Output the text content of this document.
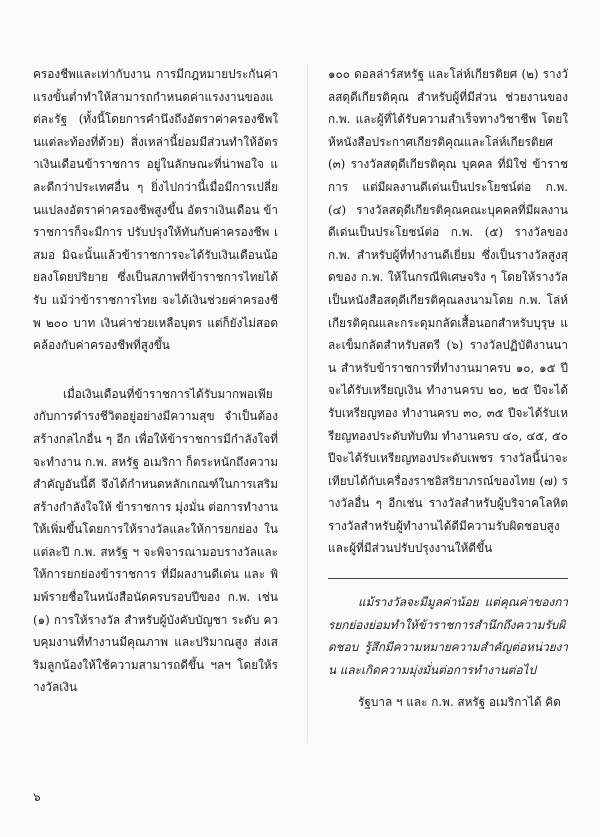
ครองชีพและเท่ากับงาน การมีกฎหมายประกันค่าแรงขั้นต่ำทำให้สามารถกำหนดค่าแรงงานของแต่ละรัฐ (ทั้งนี้โดยการคำนึงถึงอัตราค่าครองชีพในแต่ละท้องที่ด้วย) สิ่งเหล่านี้ย่อมมีส่วนทำให้อัตราเงินเดือนข้าราชการ อยู่ในลักษณะที่น่าพอใจ และดีกว่าประเทศอื่น ๆ ยิ่งไปกว่านี้เมื่อมีการเปลี่ยนแปลงอัตราค่าครองชีพสูงขึ้น อัตราเงินเดือน ข้าราชการก็จะมีการ ปรับปรุงให้ทันกับค่าครองชีพ เสมอ มิฉะนั้นแล้วข้าราชการจะได้รับเงินเดือนน้อยลงโดยปริยาย ซึ่งเป็นสภาพที่ข้าราชการไทยได้รับ แม้ว่าข้าราชการไทย จะได้เงินช่วยค่าครองชีพ ๒๐๐ บาท เงินค่าช่วยเหลือบุตร แต่ก็ยังไม่สอดคล้องกับค่าครองชีพที่สูงขึ้น

เมื่อเงินเดือนที่ข้าราชการได้รับมากพอเพียงกับการดำรงชีวิตอยู่อย่างมีความสุข จำเป็นต้องสร้างกลไกอื่น ๆ อีก เพื่อให้ข้าราชการมีกำลังใจที่จะทำงาน ก.พ. สหรัฐ อเมริกา ก็ตระหนักถึงความสำคัญอันนี้ดี จึงได้กำหนดหลักเกณฑ์ในการเสริมสร้างกำลังใจให้ ข้าราชการ มุ่งมั่น ต่อการทำงานให้เพิ่มขึ้นโดยการให้รางวัลและให้การยกย่อง ในแต่ละปี ก.พ. สหรัฐ ฯ จะพิจารณามอบรางวัลและให้การยกย่องข้าราชการ ที่มีผลงานดีเด่น และ พิมพ์รายชื่อในหนังสือนัดครบรอบปีของ ก.พ. เช่น (๑) การให้รางวัล สำหรับผู้บังคับบัญชา ระดับ ควบคุมงานที่ทำงานมีคุณภาพ และปริมาณสูง ส่งเสริมลูกน้องให้ใช้ความสามารถดีขึ้น ฯลฯ โดยให้รางวัลเงิน

๑๐๐ ดอลล่าร์สหรัฐ และโล่ห์เกียรติยศ (๒) รางวัลสดุดีเกียรติคุณ สำหรับผู้ที่มีส่วน ช่วยงานของ ก.พ. และผู้ที่ได้รับความสำเร็จทางวิชาชีพ โดยให้หนังสือประกาศเกียรติคุณและโล่ห์เกียรติยศ (๓) รางวัลสดุดีเกียรติคุณ บุคคล ที่มิใช่ ข้าราชการ แต่มีผลงานดีเด่นเป็นประโยชน์ต่อ ก.พ. (๔) รางวัลสดุดีเกียรติคุณคณะบุคคลที่มีผลงานดีเด่นเป็นประโยชน์ต่อ ก.พ. (๕) รางวัลของ ก.พ. สำหรับผู้ที่ทำงานดีเยี่ยม ซึ่งเป็นรางวัลสูงสุดของ ก.พ. ให้ในกรณีพิเศษจริง ๆ โดยให้รางวัลเป็นหนังสือสดุดีเกียรติคุณลงนามโดย ก.พ. โล่ห์เกียรติคุณและกระดุมกลัดเสื้อนอกสำหรับบุรุษ และเข็มกลัดสำหรับสตรี (๖) รางวัลปฏิบัติงานนาน สำหรับข้าราชการที่ทำงานมาครบ ๑๐, ๑๕ ปี จะได้รับเหรียญเงิน ทำงานครบ ๒๐, ๒๕ ปีจะได้รับเหรียญทอง ทำงานครบ ๓๐, ๓๕ ปีจะได้รับเหรียญทองประดับทับทิม ทำงานครบ ๔๐, ๔๕, ๕๐ ปีจะได้รับเหรียญทองประดับเพชร รางวัลนี้น่าจะเทียบได้กับเครื่องราชอิสริยาภรณ์ของไทย (๗) รางวัลอื่น ๆ อีกเช่น รางวัลสำหรับผู้บริจาคโลหิต รางวัลสำหรับผู้ทำงานได้ดีมีความรับผิดชอบสูง และผู้ที่มีส่วนปรับปรุงงานให้ดีขึ้น

แม้รางวัลจะมีมูลค่าน้อย แต่คุณค่าของการยกย่องย่อมทำให้ข้าราชการสำนึกถึงความรับผิดชอบ รู้สึกมีความหมายความสำคัญต่อหน่วยงาน และเกิดความมุ่งมั่นต่อการทำงานต่อไป

รัฐบาล ฯ และ ก.พ. สหรัฐ อเมริกาได้ คิด

๖
